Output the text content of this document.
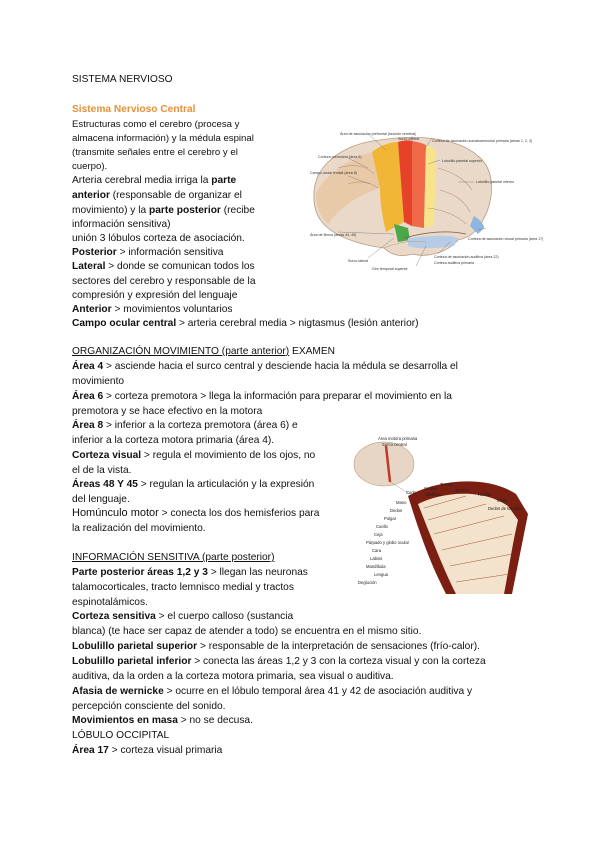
SISTEMA NERVIOSO
Sistema Nervioso Central
Estructuras como el cerebro (procesa y
almacena información) y la médula espinal
(transmite señales entre el cerebro y el
cuerpo).
Arteria cerebral media irriga la parte
anterior (responsable de organizar el
movimiento) y la parte posterior (recibe
información sensitiva)
unión 3 lóbulos corteza de asociación.
Posterior > información sensitiva
Lateral > donde se comunican todos los
sectores del cerebro y responsable de la
compresión y expresión del lenguaje
Anterior > movimientos voluntarios
Campo ocular central > arteria cerebral media > nigtasmus (lesión anterior)
ORGANIZACIÓN MOVIMIENTO (parte anterior) EXAMEN
Área 4 > asciende hacia el surco central y desciende hacia la médula se desarrolla el
movimiento
Área 6 > corteza premotora > llega la información para preparar el movimiento en la
premotora y se hace efectivo en la motora
Área 8 > inferior a la corteza premotora (área 6) e
inferior a la corteza motora primaria (área 4).
Corteza visual > regula el movimiento de los ojos, no
el de la vista.
Áreas 48 Y 45 > regulan la articulación y la expresión
del lenguaje.
Homúnculo motor > conecta los dos hemisferios para
la realización del movimiento.
INFORMACIÓN SENSITIVA (parte posterior)
Parte posterior áreas 1,2 y 3 > llegan las neuronas
talamocorticales, tracto lemnisco medial y tractos
espinotalámicos.
Corteza sensitiva > el cuerpo calloso (sustancia
blanca) (te hace ser capaz de atender a todo) se encuentra en el mismo sitio.
Lobulillo parietal superior > responsable de la interpretación de sensaciones (frío-calor).
Lobulillo parietal inferior > conecta las áreas 1,2 y 3 con la corteza visual y con la corteza
auditiva, da la orden a la corteza motora primaria, sea visual o auditiva.
Afasia de wernicke > ocurre en el lóbulo temporal área 41 y 42 de asociación auditiva y
percepción consciente del sonido.
Movimientos en masa > no se decusa.
LÓBULO OCCIPITAL
Área 17 > corteza visual primaria
Área de asociación prefrontal (sección cerebral)
Surco central	Corteza de asociación somatosensorial primaria (áreas 1, 2, 3)
Corteza premotora (área 6)
Lobulillo parietal superior
Campo ocular frontal (área 8)
Lobulillo parietal inferior
Área de Broca (áreas 44, 45)
Surco lateral
Corteza de asociación auditiva (área 22)
Corteza auditiva primaria
Giro temporal superior
Corteza de asociación visual primaria (área 17)
Área motora primaria
Surco central
Cadera
Tronco
Hombro
Codo Muñeca
Mano
Dedos
Pulgar
Cuello
Ceja
Párpado y globo ocular
Cara
Labios
Mandíbula
Lengua
Deglución
Rodilla
Tobillo
Dedos de los pies
